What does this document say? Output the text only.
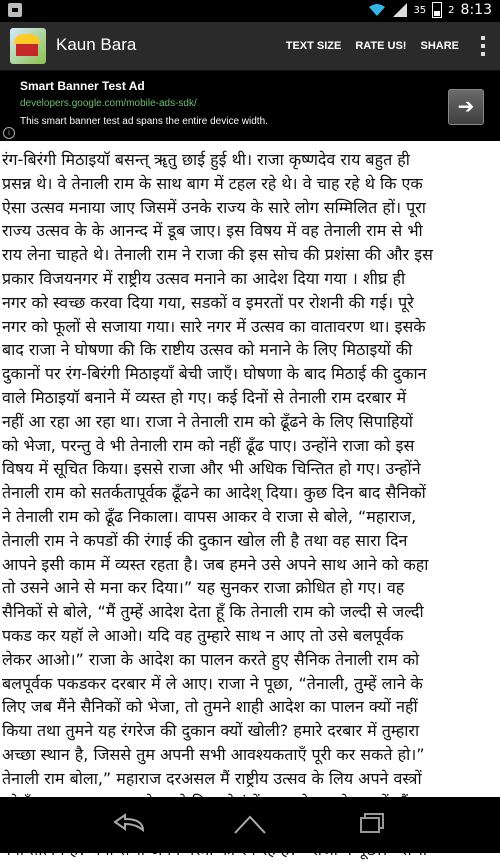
35 2 8:13
Kaun Bara	TEXT SIZE	RATE US!	SHARE
Smart Banner Test Ad
developers.google.com/mobile-ads-sdk/
This smart banner test ad spans the entire device width.
➔
i
रंग-बिरंगी मिठाइयॉ बसन्त् ॠतु छाई हुई थी। राजा कृष्णदेव राय बहुत ही
प्रसन्न थे। वे तेनाली राम के साथ बाग में टहल रहे थे। वे चाह रहे थे कि एक
ऐसा उत्सव मनाया जाए जिसमें उनके राज्य के सारे लोग सम्मिलित हों। पूरा
राज्य उत्सव के के आनन्द में डूब जाए। इस विषय में वह तेनाली राम से भी
राय लेना चाहते थे। तेनाली राम ने राजा की इस सोच की प्रशंसा की और इस
प्रकार विजयनगर में राष्ट्रीय उत्सव मनाने का आदेश दिया गया । शीघ्र ही
नगर को स्वच्छ करवा दिया गया, सडकों व इमरतों पर रोशनी की गई। पूरे
नगर को फूलों से सजाया गया। सारे नगर में उत्सव का वातावरण था। इसके
बाद राजा ने घोषणा की कि राष्टीय उत्सव को मनाने के लिए मिठाइयों की
दुकानों पर रंग-बिरंगी मिठाइयॉं बेची जाएँ। घोषणा के बाद मिठाई की दुकान
वाले मिठाइयॉ बनाने में व्यस्त हो गए। कई दिनों से तेनाली राम दरबार में
नहीं आ रहा आ रहा था। राजा ने तेनाली राम को ढूँढने के लिए सिपाहियों
को भेजा, परन्तु वे भी तेनाली राम को नहीं ढूँढ पाए। उन्होंने राजा को इस
विषय में सूचित किया। इससे राजा और भी अधिक चिन्तित हो गए। उन्होंने
तेनाली राम को सतर्कतापूर्वक ढूँढने का आदेश् दिया। कुछ दिन बाद सैनिकों
ने तेनाली राम को ढूँढ निकाला। वापस आकर वे राजा से बोले, “महाराज,
तेनाली राम ने कपडों की रंगाई की दुकान खोल ली है तथा वह सारा दिन
आपने इसी काम में व्यस्त रहता है। जब हमने उसे अपने साथ आने को कहा
तो उसने आने से मना कर दिया।” यह सुनकर राजा क्रोधित हो गए। वह
सैनिकों से बोले, “मैं तुम्हें आदेश देता हूँ कि तेनाली राम को जल्दी से जल्दी
पकड कर यहॉ ले आओ। यदि वह तुम्हारे साथ न आए तो उसे बलपूर्वक
लेकर आओ।” राजा के आदेश का पालन करते हुए सैनिक तेनाली राम को
बलपूर्वक पकडकर दरबार में ले आए। राजा ने पूछा, “तेनाली, तुम्हें लाने के
लिए जब मैंने सैनिकों को भेजा, तो तुमने शाही आदेश का पालन क्यों नहीं
किया तथा तुमने यह रंगरेज की दुकान क्यों खोली? हमारे दरबार में तुम्हारा
अच्छा स्थान है, जिससे तुम अपनी सभी आवश्यकताएँ पूरी कर सकते हो।”
तेनाली राम बोला,” महाराज दरअसल मैं राष्ट्रीय उत्सव के लिय अपने वस्त्रों
